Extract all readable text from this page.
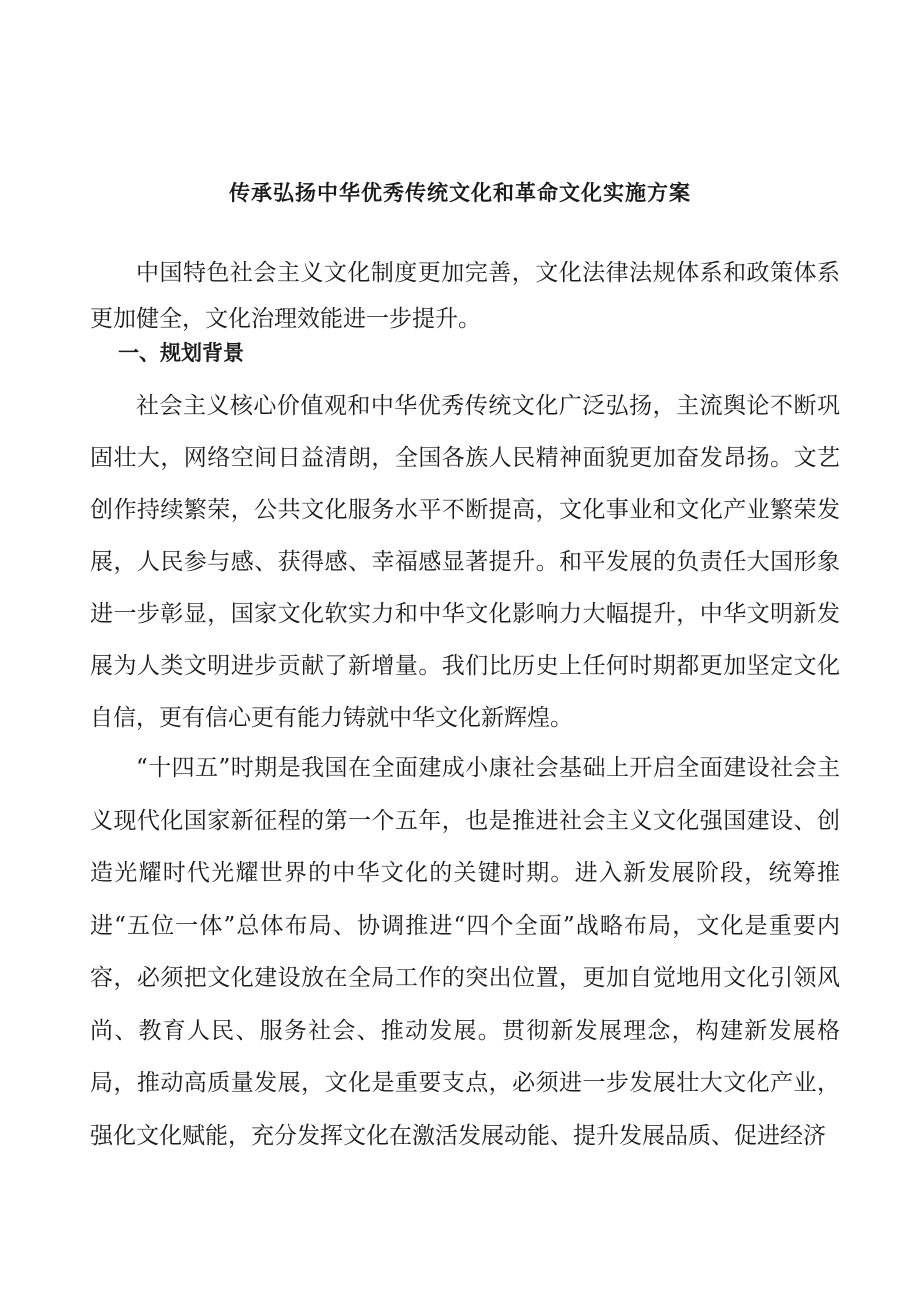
传承弘扬中华优秀传统文化和革命文化实施方案

中国特色社会主义文化制度更加完善，文化法律法规体系和政策体系更加健全，文化治理效能进一步提升。

一、规划背景

社会主义核心价值观和中华优秀传统文化广泛弘扬，主流舆论不断巩固壮大，网络空间日益清朗，全国各族人民精神面貌更加奋发昂扬。文艺创作持续繁荣，公共文化服务水平不断提高，文化事业和文化产业繁荣发展，人民参与感、获得感、幸福感显著提升。和平发展的负责任大国形象进一步彰显，国家文化软实力和中华文化影响力大幅提升，中华文明新发展为人类文明进步贡献了新增量。我们比历史上任何时期都更加坚定文化自信，更有信心更有能力铸就中华文化新辉煌。

“十四五”时期是我国在全面建成小康社会基础上开启全面建设社会主义现代化国家新征程的第一个五年，也是推进社会主义文化强国建设、创造光耀时代光耀世界的中华文化的关键时期。进入新发展阶段，统筹推进“五位一体”总体布局、协调推进“四个全面”战略布局，文化是重要内容，必须把文化建设放在全局工作的突出位置，更加自觉地用文化引领风尚、教育人民、服务社会、推动发展。贯彻新发展理念，构建新发展格局，推动高质量发展，文化是重要支点，必须进一步发展壮大文化产业，强化文化赋能，充分发挥文化在激活发展动能、提升发展品质、促进经济
